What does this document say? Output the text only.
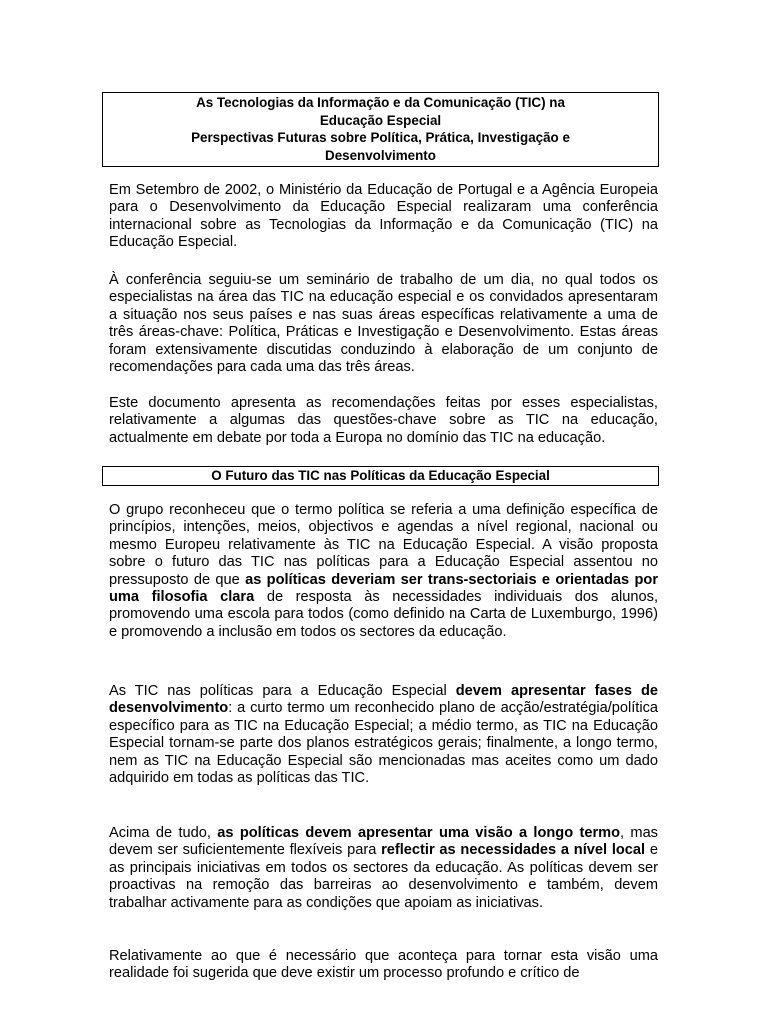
As Tecnologias da Informação e da Comunicação (TIC) na
Educação Especial
Perspectivas Futuras sobre Política, Prática, Investigação e
Desenvolvimento
Em Setembro de 2002, o Ministério da Educação de Portugal e a Agência Europeia para o Desenvolvimento da Educação Especial realizaram uma conferência internacional sobre as Tecnologias da Informação e da Comunicação (TIC) na Educação Especial.
À conferência seguiu-se um seminário de trabalho de um dia, no qual todos os especialistas na área das TIC na educação especial e os convidados apresentaram a situação nos seus países e nas suas áreas específicas relativamente a uma de três áreas-chave: Política, Práticas e Investigação e Desenvolvimento. Estas áreas foram extensivamente discutidas conduzindo à elaboração de um conjunto de recomendações para cada uma das três áreas.
Este documento apresenta as recomendações feitas por esses especialistas, relativamente a algumas das questões-chave sobre as TIC na educação, actualmente em debate por toda a Europa no domínio das TIC na educação.
O Futuro das TIC nas Políticas da Educação Especial
O grupo reconheceu que o termo política se referia a uma definição específica de princípios, intenções, meios, objectivos e agendas a nível regional, nacional ou mesmo Europeu relativamente às TIC na Educação Especial. A visão proposta sobre o futuro das TIC nas políticas para a Educação Especial assentou no pressuposto de que as políticas deveriam ser trans-sectoriais e orientadas por uma filosofia clara de resposta às necessidades individuais dos alunos, promovendo uma escola para todos (como definido na Carta de Luxemburgo, 1996) e promovendo a inclusão em todos os sectores da educação.
As TIC nas políticas para a Educação Especial devem apresentar fases de desenvolvimento: a curto termo um reconhecido plano de acção/estratégia/política específico para as TIC na Educação Especial; a médio termo, as TIC na Educação Especial tornam-se parte dos planos estratégicos gerais; finalmente, a longo termo, nem as TIC na Educação Especial são mencionadas mas aceites como um dado adquirido em todas as políticas das TIC.
Acima de tudo, as políticas devem apresentar uma visão a longo termo, mas devem ser suficientemente flexíveis para reflectir as necessidades a nível local e as principais iniciativas em todos os sectores da educação. As políticas devem ser proactivas na remoção das barreiras ao desenvolvimento e também, devem trabalhar activamente para as condições que apoiam as iniciativas.
Relativamente ao que é necessário que aconteça para tornar esta visão uma realidade foi sugerida que deve existir um processo profundo e crítico de
